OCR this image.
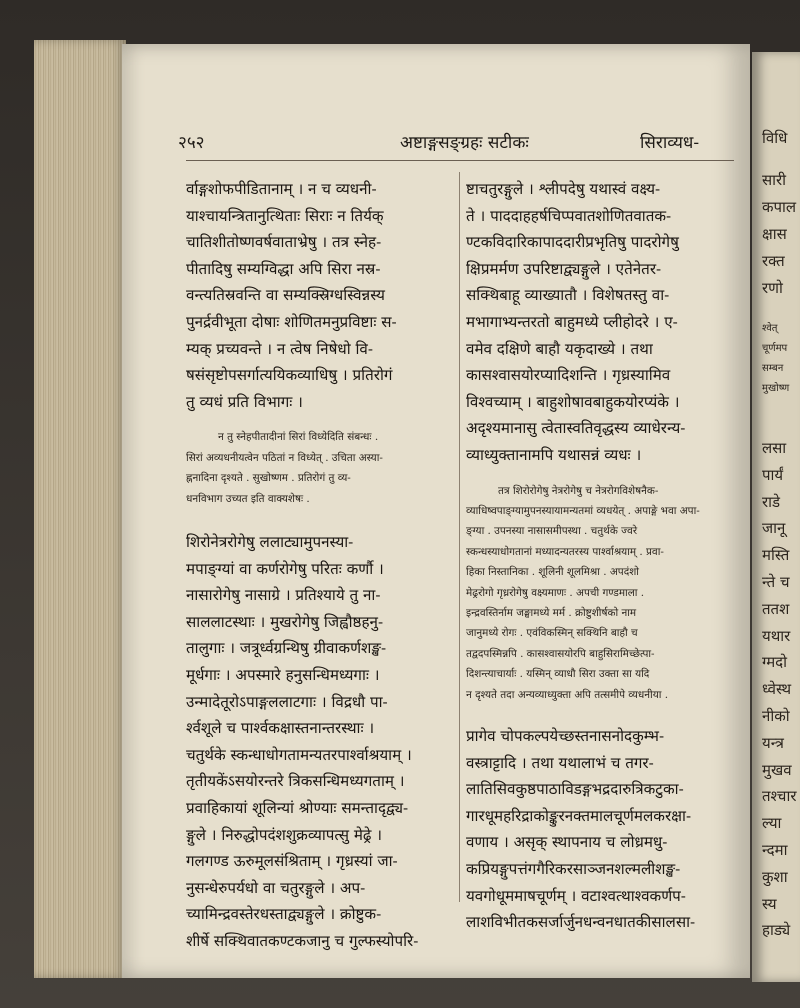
विधि
सारी
कपाल
क्षास
रक्त
रणो
श्वेत्
चूर्णमप
सम्बन
मुखोष्ण
लसा
पार्यं
राडे
जानू
मस्ति
न्ते च
ततश
यथार
ग्मदो
ध्वेस्थ
नीको
यन्त्र
मुखव
तश्चार
ल्या
न्दमा
कुशा
स्य
हाड्ये
२५२	अष्टाङ्गसङ्ग्रहः सटीकः	सिराव्यध-
र्वाङ्गशोफपीडितानाम् । न च व्यधनी-
याश्चायन्त्रितानुत्थिताः सिराः न तिर्यक्
चातिशीतोष्णवर्षवाताभ्रेषु । तत्र स्नेह-
पीतादिषु सम्यग्विद्धा अपि सिरा नस्र-
वन्त्यतिस्रवन्ति वा सम्यक्स्रिग्धस्विन्नस्य
पुनर्द्रवीभूता दोषाः शोणितमनुप्रविष्टाः स-
म्यक् प्रच्यवन्ते । न त्वेष निषेधो वि-
षसंसृष्टोपसर्गात्ययिकव्याधिषु । प्रतिरोगं
तु व्यधं प्रति विभागः ।
न तु स्नेहपीतादीनां सिरां विध्येदिति संबन्धः .
सिरां अव्यधनीयत्वेन पठितां न विध्येत् . उचिता अस्या-
ह्ननादिना दृश्यते . सुखोष्णम . प्रतिरोगं तु व्य-
धनविभाग उच्यत इति वाक्यशेषः .
शिरोनेत्ररोगेषु ललाट्यामुपनस्या-
मपाङ्ग्यां वा कर्णरोगेषु परितः कर्णौ ।
नासारोगेषु नासाग्रे । प्रतिश्याये तु ना-
साललाटस्थाः । मुखरोगेषु जिह्वौष्ठहनु-
तालुगाः । जत्रूर्ध्वग्रन्थिषु ग्रीवाकर्णशङ्ख-
मूर्धगाः । अपस्मारे हनुसन्धिमध्यगाः ।
उन्मादेतूरोऽपाङ्गललाटगाः । विद्रधौ पा-
र्श्वशूले च पार्श्वकक्षास्तनान्तरस्थाः ।
चतुर्थके स्कन्धाधोगतामन्यतरपार्श्वाश्रयाम् ।
तृतीयकेंऽसयोरन्तरे त्रिकसन्धिमध्यगताम् ।
प्रवाहिकायां शूलिन्यां श्रोण्याः समन्तादृद्व्य-
ङ्गुले । निरुद्धोपदंशशुक्रव्यापत्सु मेढ्रे ।
गलगण्ड ऊरुमूलसंश्रिताम् । गृध्रस्यां जा-
नुसन्धेरुपर्यधो वा चतुरङ्गुले । अप-
च्यामिन्द्रवस्तेरधस्ताद्व्यङ्गुले । क्रोष्टुक-
शीर्षे सक्थिवातकण्टकजानु च गुल्फस्योपरि-
ष्टाचतुरङ्गुले । श्लीपदेषु यथास्वं वक्ष्य-
ते । पाददाहहर्षचिप्पवातशोणितवातक-
ण्टकविदारिकापाददारीप्रभृतिषु पादरोगेषु
क्षिप्रमर्मण उपरिष्टाद्व्यङ्गुले । एतेनेतर-
सक्थिबाहू व्याख्यातौ । विशेषतस्तु वा-
मभागाभ्यन्तरतो बाहुमध्ये प्लीहोदरे । ए-
वमेव दक्षिणे बाहौ यकृदाख्ये । तथा
कासश्वासयोरप्यादिशन्ति । गृध्रस्यामिव
विश्वच्याम् । बाहुशोषावबाहुकयोरप्यंके ।
अदृश्यमानासु त्वेतास्वतिवृद्धस्य व्याधेरन्य-
व्याध्युक्तानामपि यथासन्नं व्यधः ।
तत्र शिरोरोगेषु नेत्ररोगेषु च नेत्ररोगविशेषनैक-
व्याधिष्वपाङ्ग्यामुपनस्यायामन्यतमां व्यधयेत् . अपाङ्गे भवा अपा-
ङ्ग्या . उपनस्या नासासमीपस्था . चतुर्थके ज्वरे
स्कन्धस्याधोगतानां मध्यादन्यतरस्य पार्श्वाश्रयाम् . प्रवा-
हिका निस्तानिका . शूलिनी शूलमिश्रा . अपदंशो
मेढ्ररोगो गृध्ररोगेषु वक्ष्यमाणः . अपची गण्डमाला .
इन्द्रवस्तिर्नाम जङ्घामध्ये मर्म . क्रोष्टुशीर्षको नाम
जानुमध्ये रोगः . एवंविकस्मिन् सक्थिनि बाहौ च
तद्वदपस्मिन्नपि . कासश्वासयोरपि बाहुसिरामिच्छेत्पा-
दिशन्त्याचार्याः . यस्मिन् व्याधौ सिरा उक्ता सा यदि
न दृश्यते तदा अन्यव्याध्युक्ता अपि तत्समीपे व्यधनीया .
प्रागेव चोपकल्पयेच्छस्तनासनोदकुम्भ-
वस्त्राट्टादि । तथा यथालाभं च तगर-
लातिसिवकुष्ठपाठाविडङ्गभद्रदारुत्रिकटुका-
गारधूमहरिद्राकोङ्कुरनक्तमालचूर्णमलकरक्षा-
वणाय । असृक् स्थापनाय च लोध्रमधु-
कप्रियङ्गुपत्तंगगैरिकरसाञ्जनशल्मलीशङ्ख-
यवगोधूममाषचूर्णम् । वटाश्वत्थाश्वकर्णप-
लाशविभीतकसर्जार्जुनधन्वनधातकीसालसा-
